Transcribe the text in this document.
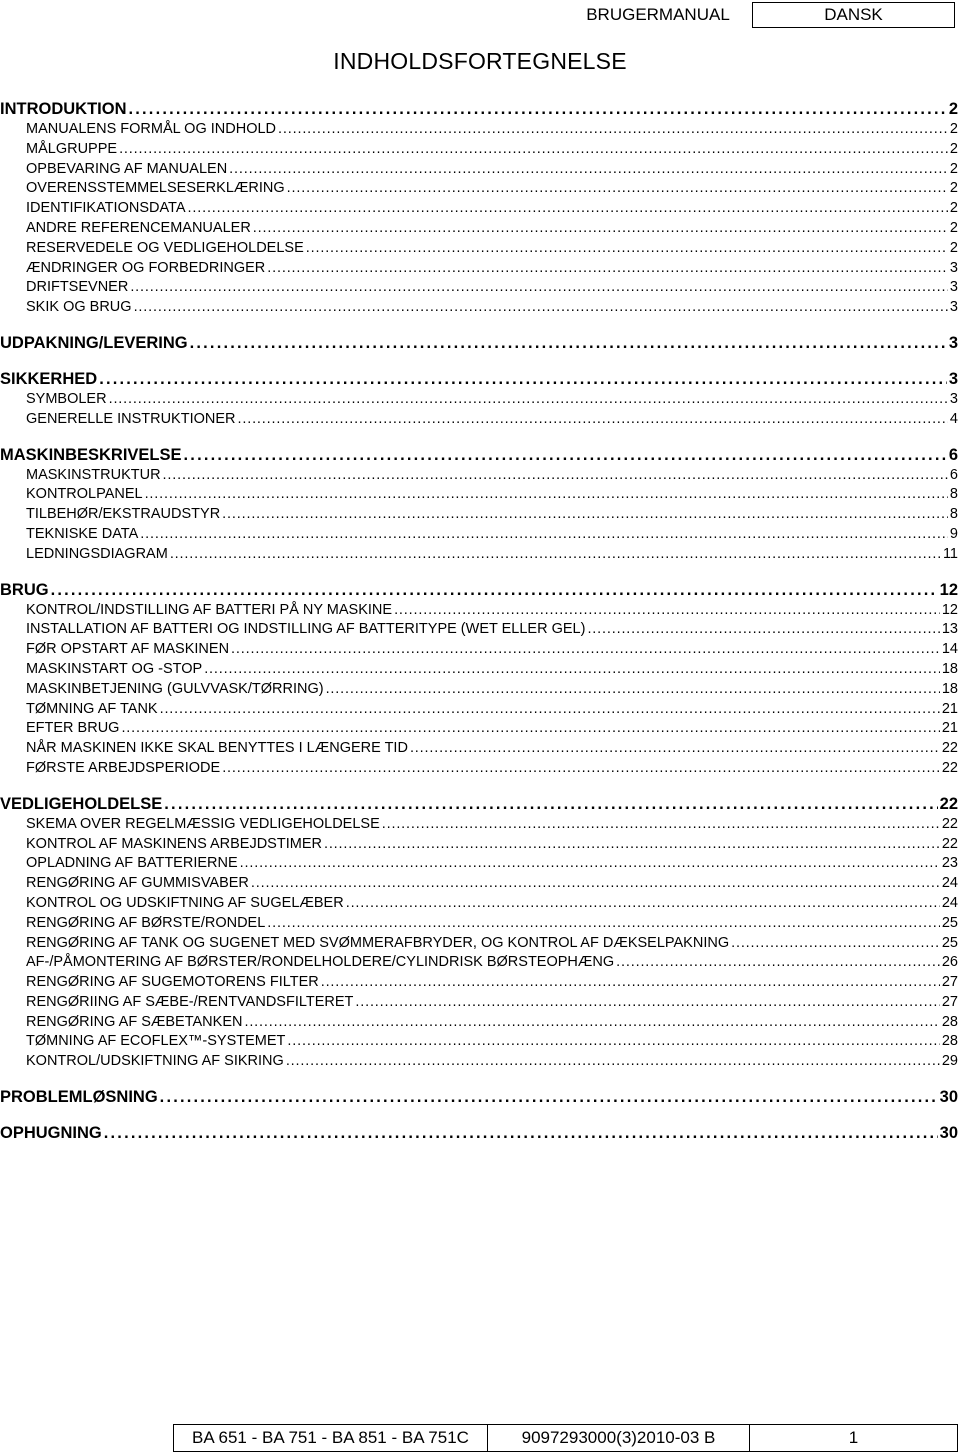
BRUGERMANUAL	DANSK
INDHOLDSFORTEGNELSE
INTRODUKTION . . .	2
MANUALENS FORMÅL OG INDHOLD . . .	2
MÅLGRUPPE . . .	2
OPBEVARING AF MANUALEN . . .	2
OVERENSSTEMMELSESERKLÆRING . . .	2
IDENTIFIKATIONSDATA . . .	2
ANDRE REFERENCEMANUALER . . .	2
RESERVEDELE OG VEDLIGEHOLDELSE . . .	2
ÆNDRINGER OG FORBEDRINGER . . .	3
DRIFTSEVNER . . .	3
SKIK OG BRUG . . .	3
UDPAKNING/LEVERING . . .	3
SIKKERHED . . .	3
SYMBOLER . . .	3
GENERELLE INSTRUKTIONER . . .	4
MASKINBESKRIVELSE . . .	6
MASKINSTRUKTUR . . .	6
KONTROLPANEL . . .	8
TILBEHØR/EKSTRAUDSTYR . . .	8
TEKNISKE DATA . . .	9
LEDNINGSDIAGRAM . . .	11
BRUG . . .	12
KONTROL/INDSTILLING AF BATTERI PÅ NY MASKINE . . .	12
INSTALLATION AF BATTERI OG INDSTILLING AF BATTERITYPE (WET ELLER GEL) . . .	13
FØR OPSTART AF MASKINEN . . .	14
MASKINSTART OG -STOP . . .	18
MASKINBETJENING (GULVVASK/TØRRING) . . .	18
TØMNING AF TANK . . .	21
EFTER BRUG . . .	21
NÅR MASKINEN IKKE SKAL BENYTTES I LÆNGERE TID . . .	22
FØRSTE ARBEJDSPERIODE . . .	22
VEDLIGEHOLDELSE . . .	22
SKEMA OVER REGELMÆSSIG VEDLIGEHOLDELSE . . .	22
KONTROL AF MASKINENS ARBEJDSTIMER . . .	22
OPLADNING AF BATTERIERNE . . .	23
RENGØRING AF GUMMISVABER . . .	24
KONTROL OG UDSKIFTNING AF SUGELÆBER . . .	24
RENGØRING AF BØRSTE/RONDEL . . .	25
RENGØRING AF TANK OG SUGENET MED SVØMMERAFBRYDER, OG KONTROL AF DÆKSELPAKNING . . .	25
AF-/PÅMONTERING AF BØRSTER/RONDELHOLDERE/CYLINDRISK BØRSTEOPHÆNG . . .	26
RENGØRING AF SUGEMOTORENS FILTER . . .	27
RENGØRIING AF SÆBE-/RENTVANDSFILTERET . . .	27
RENGØRING AF SÆBETANKEN . . .	28
TØMNING AF ECOFLEX™-SYSTEMET . . .	28
KONTROL/UDSKIFTNING AF SIKRING . . .	29
PROBLEMLØSNING . . .	30
OPHUGNING . . .	30
BA 651 - BA 751 - BA 851 - BA 751C	9097293000(3)2010-03 B	1
